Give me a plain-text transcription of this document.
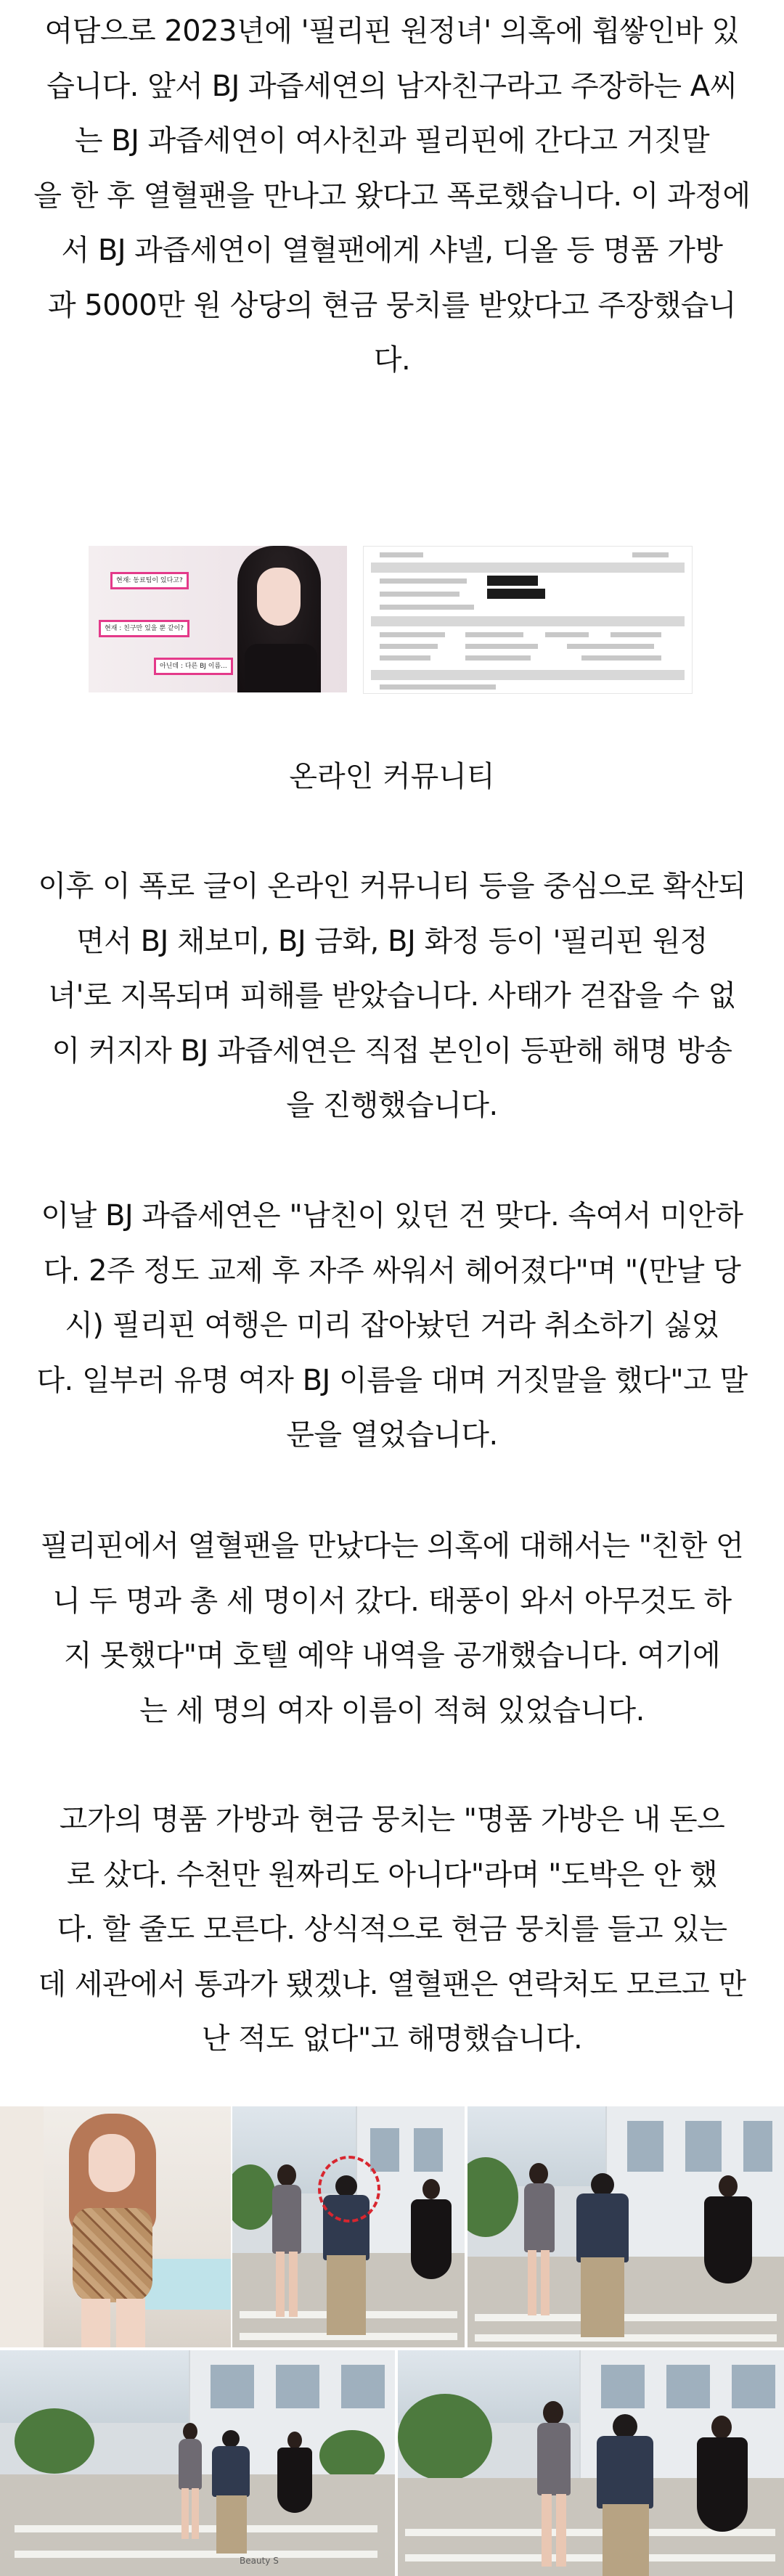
여담으로 2023년에 '필리핀 원정녀' 의혹에 휩쌓인바 있
습니다. 앞서 BJ 과즙세연의 남자친구라고 주장하는 A씨
는 BJ 과즙세연이 여사친과 필리핀에 간다고 거짓말
을 한 후 열혈팬을 만나고 왔다고 폭로했습니다. 이 과정에
서 BJ 과즙세연이 열혈팬에게 샤넬, 디올 등 명품 가방
과 5000만 원 상당의 현금 뭉치를 받았다고 주장했습니
다.

현재: 동료팀이 있다고?
현재 : 친구만 있을 뿐 같이?
아닌데 : 다른 BJ 이름...

온라인 커뮤니티

이후 이 폭로 글이 온라인 커뮤니티 등을 중심으로 확산되
면서 BJ 채보미, BJ 금화, BJ 화정 등이 '필리핀 원정
녀'로 지목되며 피해를 받았습니다. 사태가 걷잡을 수 없
이 커지자 BJ 과즙세연은 직접 본인이 등판해 해명 방송
을 진행했습니다.

이날 BJ 과즙세연은 "남친이 있던 건 맞다. 속여서 미안하
다. 2주 정도 교제 후 자주 싸워서 헤어졌다"며 "(만날 당
시) 필리핀 여행은 미리 잡아놨던 거라 취소하기 싫었
다. 일부러 유명 여자 BJ 이름을 대며 거짓말을 했다"고 말
문을 열었습니다.

필리핀에서 열혈팬을 만났다는 의혹에 대해서는 "친한 언
니 두 명과 총 세 명이서 갔다. 태풍이 와서 아무것도 하
지 못했다"며 호텔 예약 내역을 공개했습니다. 여기에
는 세 명의 여자 이름이 적혀 있었습니다.

고가의 명품 가방과 현금 뭉치는 "명품 가방은 내 돈으
로 샀다. 수천만 원짜리도 아니다"라며 "도박은 안 했
다. 할 줄도 모른다. 상식적으로 현금 뭉치를 들고 있는
데 세관에서 통과가 됐겠냐. 열혈팬은 연락처도 모르고 만
난 적도 없다"고 해명했습니다.

Beauty S
